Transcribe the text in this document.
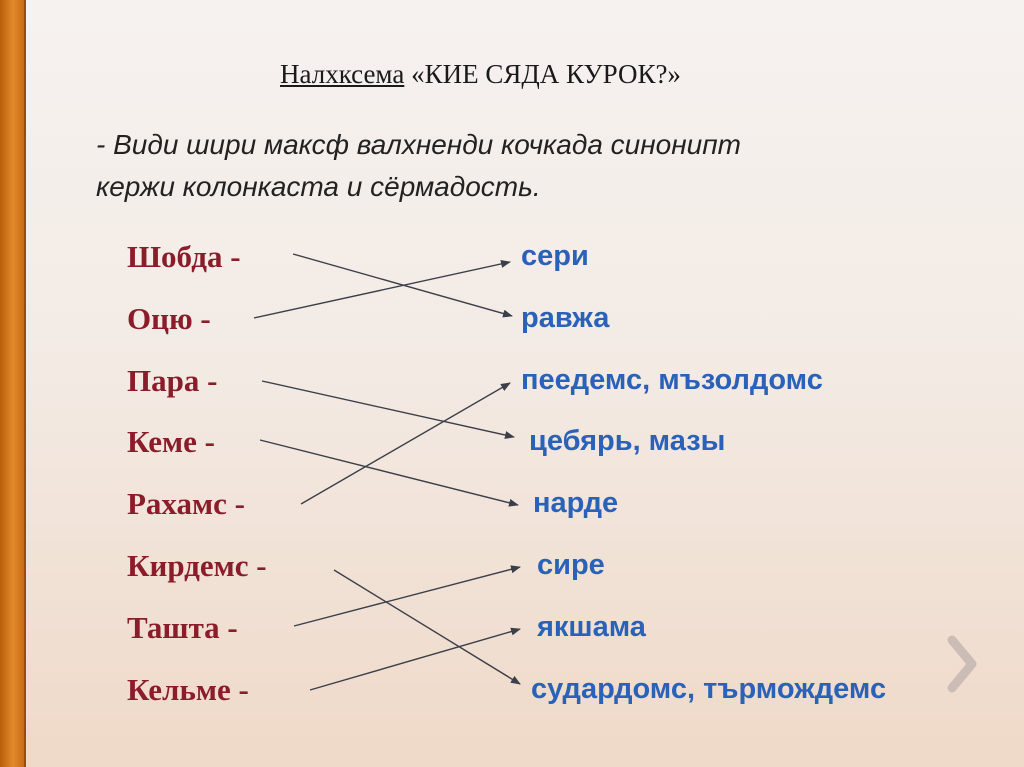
Налхксема «КИЕ СЯДА КУРОК?»
- Види шири максф валхненди кочкада синонипт
кержи колонкаста и сёрмадость.
Шобда -
Оцю -
Пара -
Кеме -
Рахамс -
Кирдемс -
Ташта -
Кельме -
сери
равжа
пеедемс, мъзолдомс
цебярь, мазы
нарде
сире
якшама
судардомс, търмождемс
